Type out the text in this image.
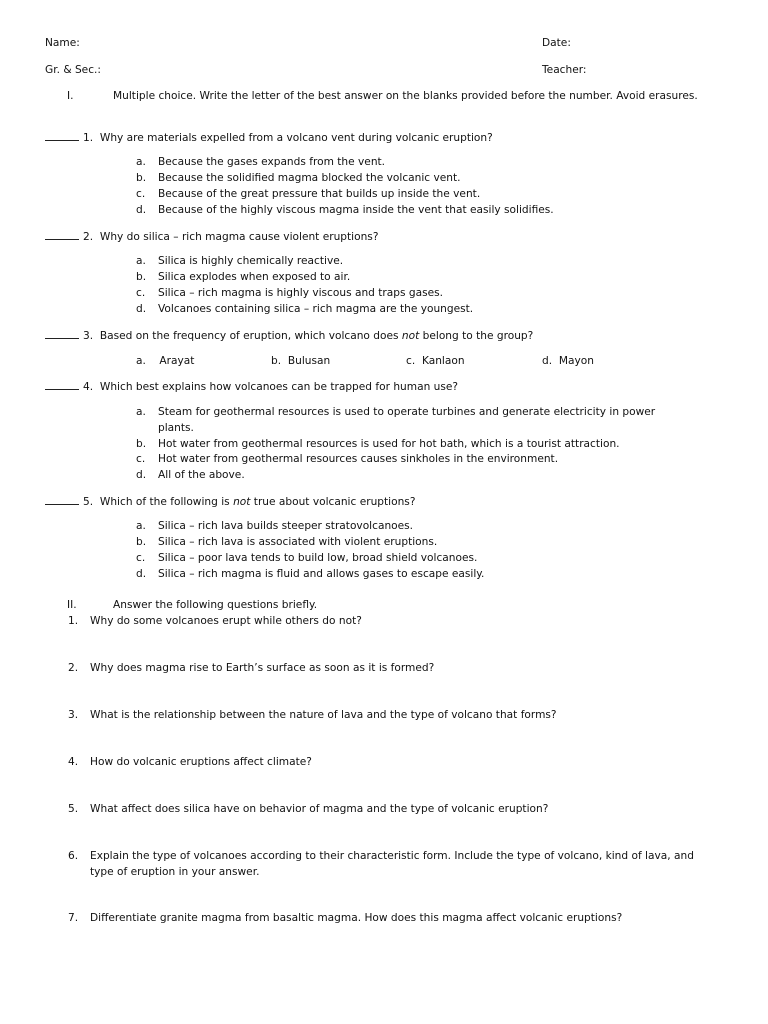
Name:	Date:
Gr. & Sec.:	Teacher:
I.	Multiple choice. Write the letter of the best answer on the blanks provided before the number. Avoid erasures.
1. Why are materials expelled from a volcano vent during volcanic eruption?
a. Because the gases expands from the vent.
b. Because the solidified magma blocked the volcanic vent.
c. Because of the great pressure that builds up inside the vent.
d. Because of the highly viscous magma inside the vent that easily solidifies.
2. Why do silica – rich magma cause violent eruptions?
a. Silica is highly chemically reactive.
b. Silica explodes when exposed to air.
c. Silica – rich magma is highly viscous and traps gases.
d. Volcanoes containing silica – rich magma are the youngest.
3. Based on the frequency of eruption, which volcano does not belong to the group?
a. Arayat	b. Bulusan	c. Kanlaon	d. Mayon
4. Which best explains how volcanoes can be trapped for human use?
a. Steam for geothermal resources is used to operate turbines and generate electricity in power plants.
b. Hot water from geothermal resources is used for hot bath, which is a tourist attraction.
c. Hot water from geothermal resources causes sinkholes in the environment.
d. All of the above.
5. Which of the following is not true about volcanic eruptions?
a. Silica – rich lava builds steeper stratovolcanoes.
b. Silica – rich lava is associated with violent eruptions.
c. Silica – poor lava tends to build low, broad shield volcanoes.
d. Silica – rich magma is fluid and allows gases to escape easily.
II.	Answer the following questions briefly.
1. Why do some volcanoes erupt while others do not?
2. Why does magma rise to Earth’s surface as soon as it is formed?
3. What is the relationship between the nature of lava and the type of volcano that forms?
4. How do volcanic eruptions affect climate?
5. What affect does silica have on behavior of magma and the type of volcanic eruption?
6. Explain the type of volcanoes according to their characteristic form. Include the type of volcano, kind of lava, and type of eruption in your answer.
7. Differentiate granite magma from basaltic magma. How does this magma affect volcanic eruptions?
